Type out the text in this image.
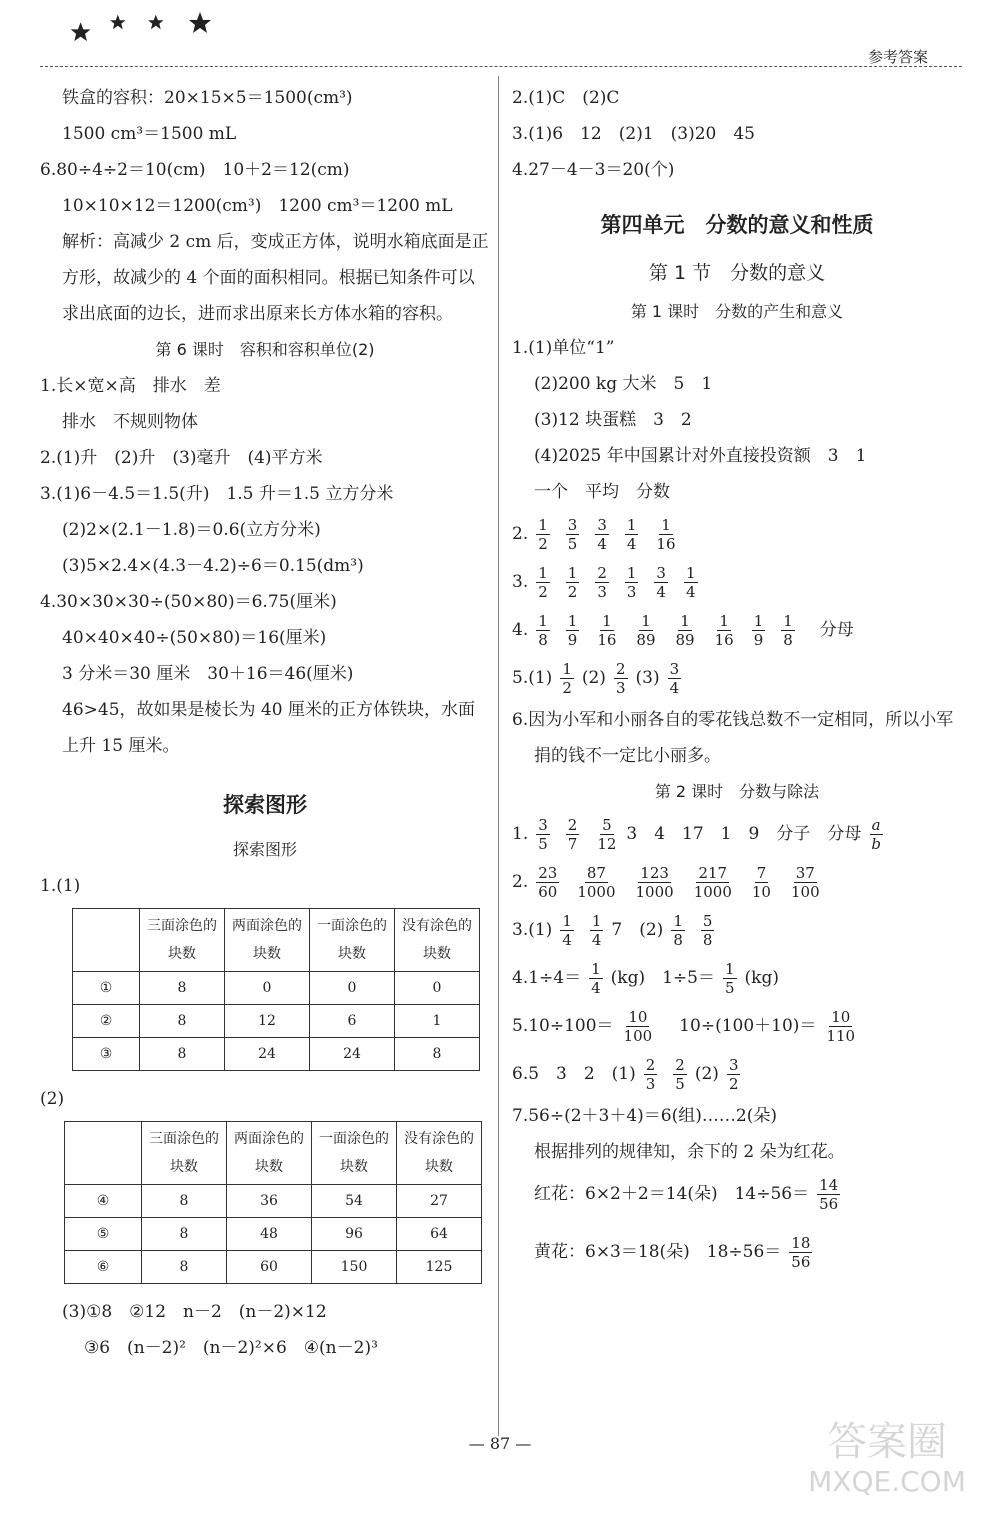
参考答案
铁盒的容积：20×15×5＝1500(cm³)
1500 cm³＝1500 mL
6.80÷4÷2＝10(cm)　10＋2＝12(cm)
10×10×12＝1200(cm³)　1200 cm³＝1200 mL
解析：高减少 2 cm 后，变成正方体，说明水箱底面是正方形，故减少的 4 个面的面积相同。根据已知条件可以求出底面的边长，进而求出原来长方体水箱的容积。
第 6 课时　容积和容积单位(2)
1.长×宽×高　排水　差
排水　不规则物体
2.(1)升　(2)升　(3)毫升　(4)平方米
3.(1)6－4.5＝1.5(升)　1.5 升＝1.5 立方分米
(2)2×(2.1－1.8)＝0.6(立方分米)
(3)5×2.4×(4.3－4.2)÷6＝0.15(dm³)
4.30×30×30÷(50×80)＝6.75(厘米)
40×40×40÷(50×80)＝16(厘米)
3 分米＝30 厘米　30＋16＝46(厘米)
46>45，故如果是棱长为 40 厘米的正方体铁块，水面上升 15 厘米。
探索图形
探索图形
1.(1)
	三面涂色的块数	两面涂色的块数	一面涂色的块数	没有涂色的块数
①	8	0	0	0
②	8	12	6	1
③	8	24	24	8
(2)
	三面涂色的块数	两面涂色的块数	一面涂色的块数	没有涂色的块数
④	8	36	54	27
⑤	8	48	96	64
⑥	8	60	150	125
(3)①8　②12　n－2　(n－2)×12
③6　(n－2)²　(n－2)²×6　④(n－2)³
2.(1)C　(2)C
3.(1)6　12　(2)1　(3)20　45
4.27－4－3＝20(个)
第四单元　分数的意义和性质
第 1 节　分数的意义
第 1 课时　分数的产生和意义
1.(1)单位“1”
(2)200 kg 大米　5　1
(3)12 块蛋糕　3　2
(4)2025 年中国累计对外直接投资额　3　1
一个　平均　分数
2. $\frac{1}{2} \frac{3}{5} \frac{3}{4} \frac{1}{4} \frac{1}{16}$
3. $\frac{1}{2} \frac{1}{2} \frac{2}{3} \frac{1}{3} \frac{3}{4} \frac{1}{4}$
4. $\frac{1}{8} \frac{1}{9} \frac{1}{16} \frac{1}{89} \frac{1}{89} \frac{1}{16} \frac{1}{9} \frac{1}{8}$ 　分母
$5.(1) \frac{1}{2} (2) \frac{2}{3} (3) \frac{3}{4}$
6.因为小军和小丽各自的零花钱总数不一定相同，所以小军捐的钱不一定比小丽多。
第 2 课时　分数与除法
1. $\frac{3}{5} \frac{2}{7} \frac{5}{12} 3$　4　17　1　9　分子　分母 $\frac{a}{b}$
2. $\frac{23}{60} \frac{87}{1000} \frac{123}{1000} \frac{217}{1000} \frac{7}{10} \frac{37}{100}$
$3.(1) \frac{1}{4} \frac{1}{4} 7$　$(2) \frac{1}{8} \frac{5}{8}$
$4.1\div 4= \frac{1}{4} (kg)$　$1\div 5= \frac{1}{5} (kg)$
$5.10\div 100= \frac{10}{100}$ 　$10\div(100+10)= \frac{10}{110}$
6.5　3　2　$(1) \frac{2}{3} \frac{2}{5} (2) \frac{3}{2}$
7.56÷(2＋3＋4)＝6(组)……2(朵)
根据排列的规律知，余下的 2 朵为红花。
红花：6×2＋2＝14(朵)　$14\div 56= \frac{14}{56}$
黄花：6×3＝18(朵)　$18\div 56= \frac{18}{56}$
— 87 —	答案圈
MXQE.COM
